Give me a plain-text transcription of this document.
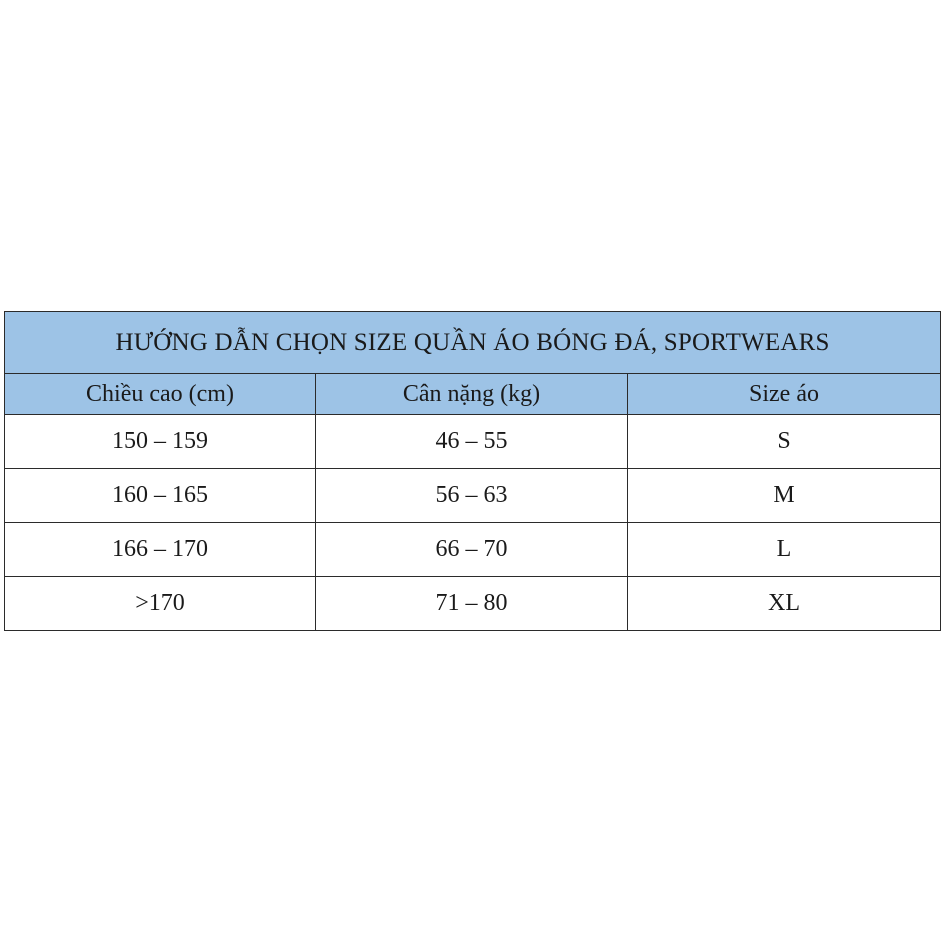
HƯỚNG DẪN CHỌN SIZE QUẦN ÁO BÓNG ĐÁ, SPORTWEARS		
Chiều cao (cm)	Cân nặng (kg)	Size áo
150 – 159	46 – 55	S
160 – 165	56 – 63	M
166 – 170	66 – 70	L
>170	71 – 80	XL
